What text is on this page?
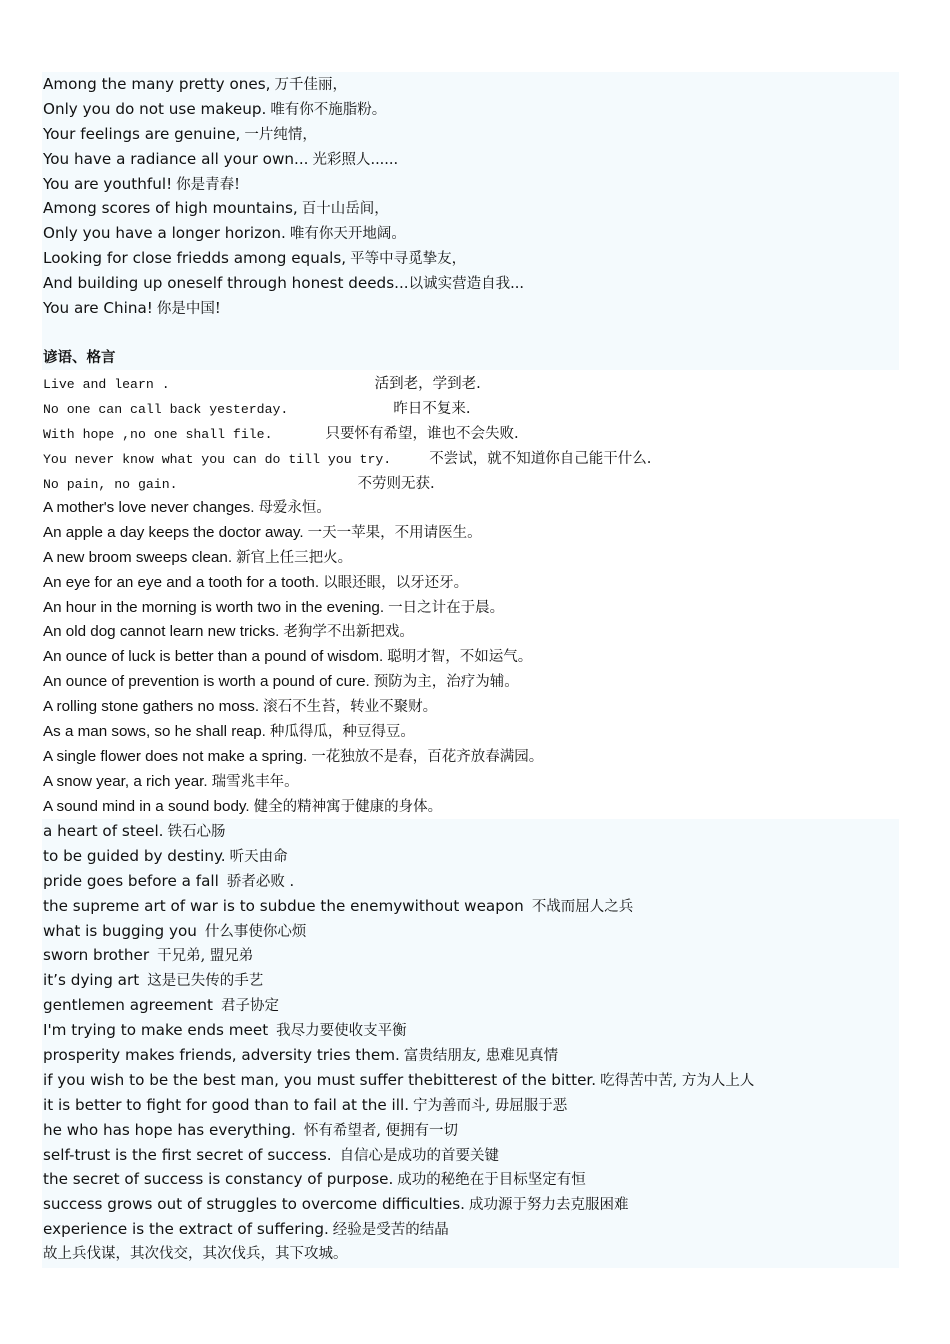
Among the many pretty ones, 万千佳丽，
Only you do not use makeup. 唯有你不施脂粉。
Your feelings are genuine, 一片纯情，
You have a radiance all your own... 光彩照人......
You are youthful! 你是青春!
Among scores of high mountains, 百十山岳间，
Only you have a longer horizon. 唯有你天开地阔。
Looking for close friedds among equals, 平等中寻觅挚友，
And building up oneself through honest deeds...以诚实营造自我...
You are China! 你是中国!
谚语、格言
Live and learn .	活到老，学到老.
No one can call back yesterday.	昨日不复来.
With hope ,no one shall file.	只要怀有希望，谁也不会失败.
You never know what you can do till you try.	不尝试，就不知道你自己能干什么.
No pain, no gain.	不劳则无获.
A mother's love never changes. 母爱永恒。
An apple a day keeps the doctor away. 一天一苹果，不用请医生。
A new broom sweeps clean. 新官上任三把火。
An eye for an eye and a tooth for a tooth. 以眼还眼，以牙还牙。
An hour in the morning is worth two in the evening. 一日之计在于晨。
An old dog cannot learn new tricks. 老狗学不出新把戏。
An ounce of luck is better than a pound of wisdom. 聪明才智，不如运气。
An ounce of prevention is worth a pound of cure. 预防为主，治疗为辅。
A rolling stone gathers no moss. 滚石不生苔，转业不聚财。
As a man sows, so he shall reap. 种瓜得瓜，种豆得豆。
A single flower does not make a spring. 一花独放不是春，百花齐放春满园。
A snow year, a rich year. 瑞雪兆丰年。
A sound mind in a sound body. 健全的精神寓于健康的身体。
a heart of steel. 铁石心肠
to be guided by destiny. 听天由命
pride goes before a fall 骄者必败 .
the supreme art of war is to subdue the enemywithout weapon 不战而屈人之兵
what is bugging you 什么事使你心烦
sworn brother 干兄弟, 盟兄弟
it’s dying art 这是已失传的手艺
gentlemen agreement 君子协定
I'm trying to make ends meet 我尽力要使收支平衡
prosperity makes friends, adversity tries them. 富贵结朋友, 患难见真情
if you wish to be the best man, you must suffer thebitterest of the bitter. 吃得苦中苦, 方为人上人
it is better to fight for good than to fail at the ill. 宁为善而斗, 毋屈服于恶
he who has hope has everything. 怀有希望者, 便拥有一切
self-trust is the first secret of success. 自信心是成功的首要关键
the secret of success is constancy of purpose. 成功的秘绝在于目标坚定有恒
success grows out of struggles to overcome difficulties. 成功源于努力去克服困难
experience is the extract of suffering. 经验是受苦的结晶
故上兵伐谋，其次伐交，其次伐兵，其下攻城。
